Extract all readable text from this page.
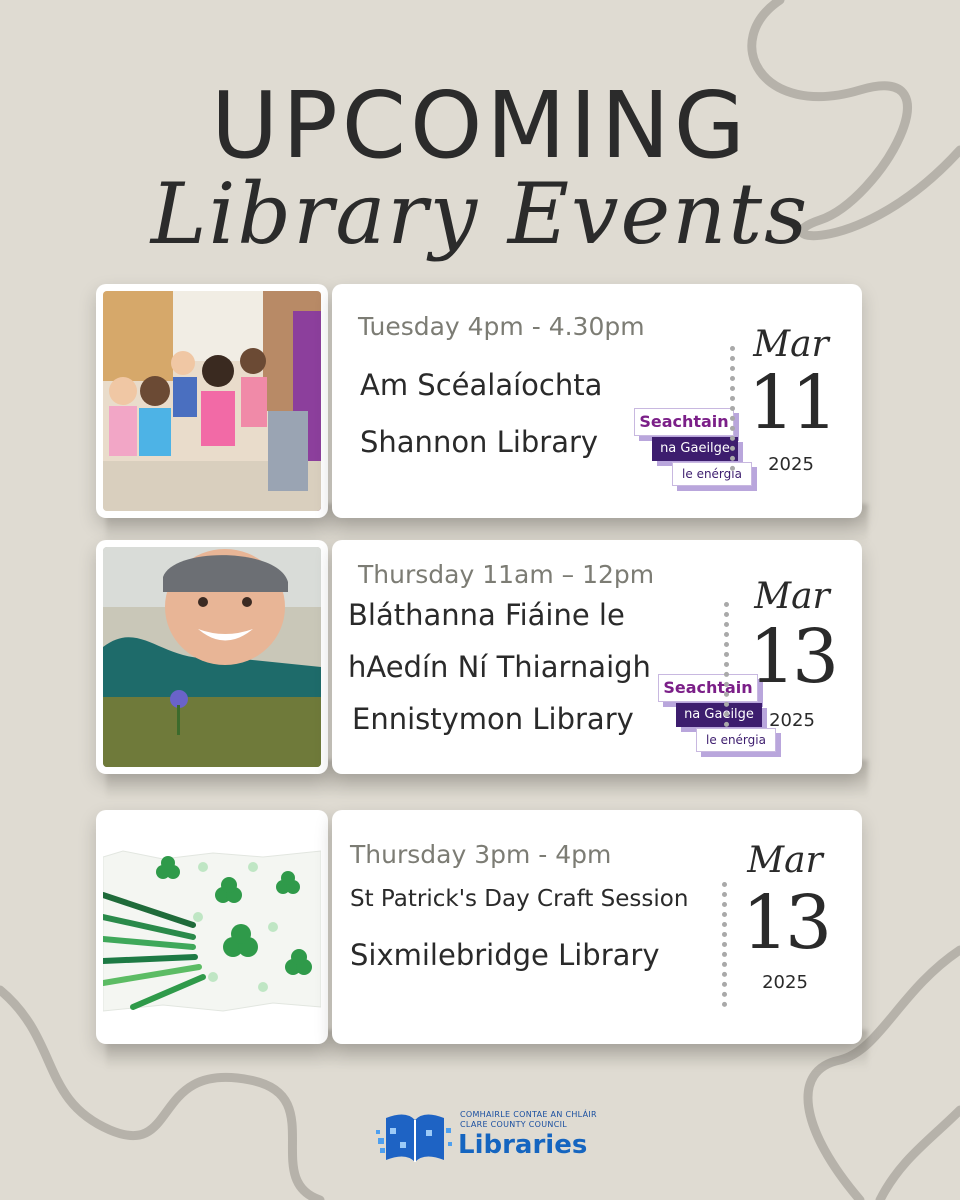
UPCOMING
Library Events
Tuesday 4pm - 4.30pm
Am Scéalaíochta
Shannon Library
Seachtain
na Gaeilge
le enérgia
Mar
11
2025
Thursday 11am – 12pm
Bláthanna Fiáine le
hAedín Ní Thiarnaigh
Ennistymon Library
Seachtain
na Gaeilge
le enérgia
Mar
13
2025
Thursday 3pm - 4pm
St Patrick's Day Craft Session
Sixmilebridge Library
Mar
13
2025
COMHAIRLE CONTAE AN CHLÁIR
CLARE COUNTY COUNCIL
Libraries
